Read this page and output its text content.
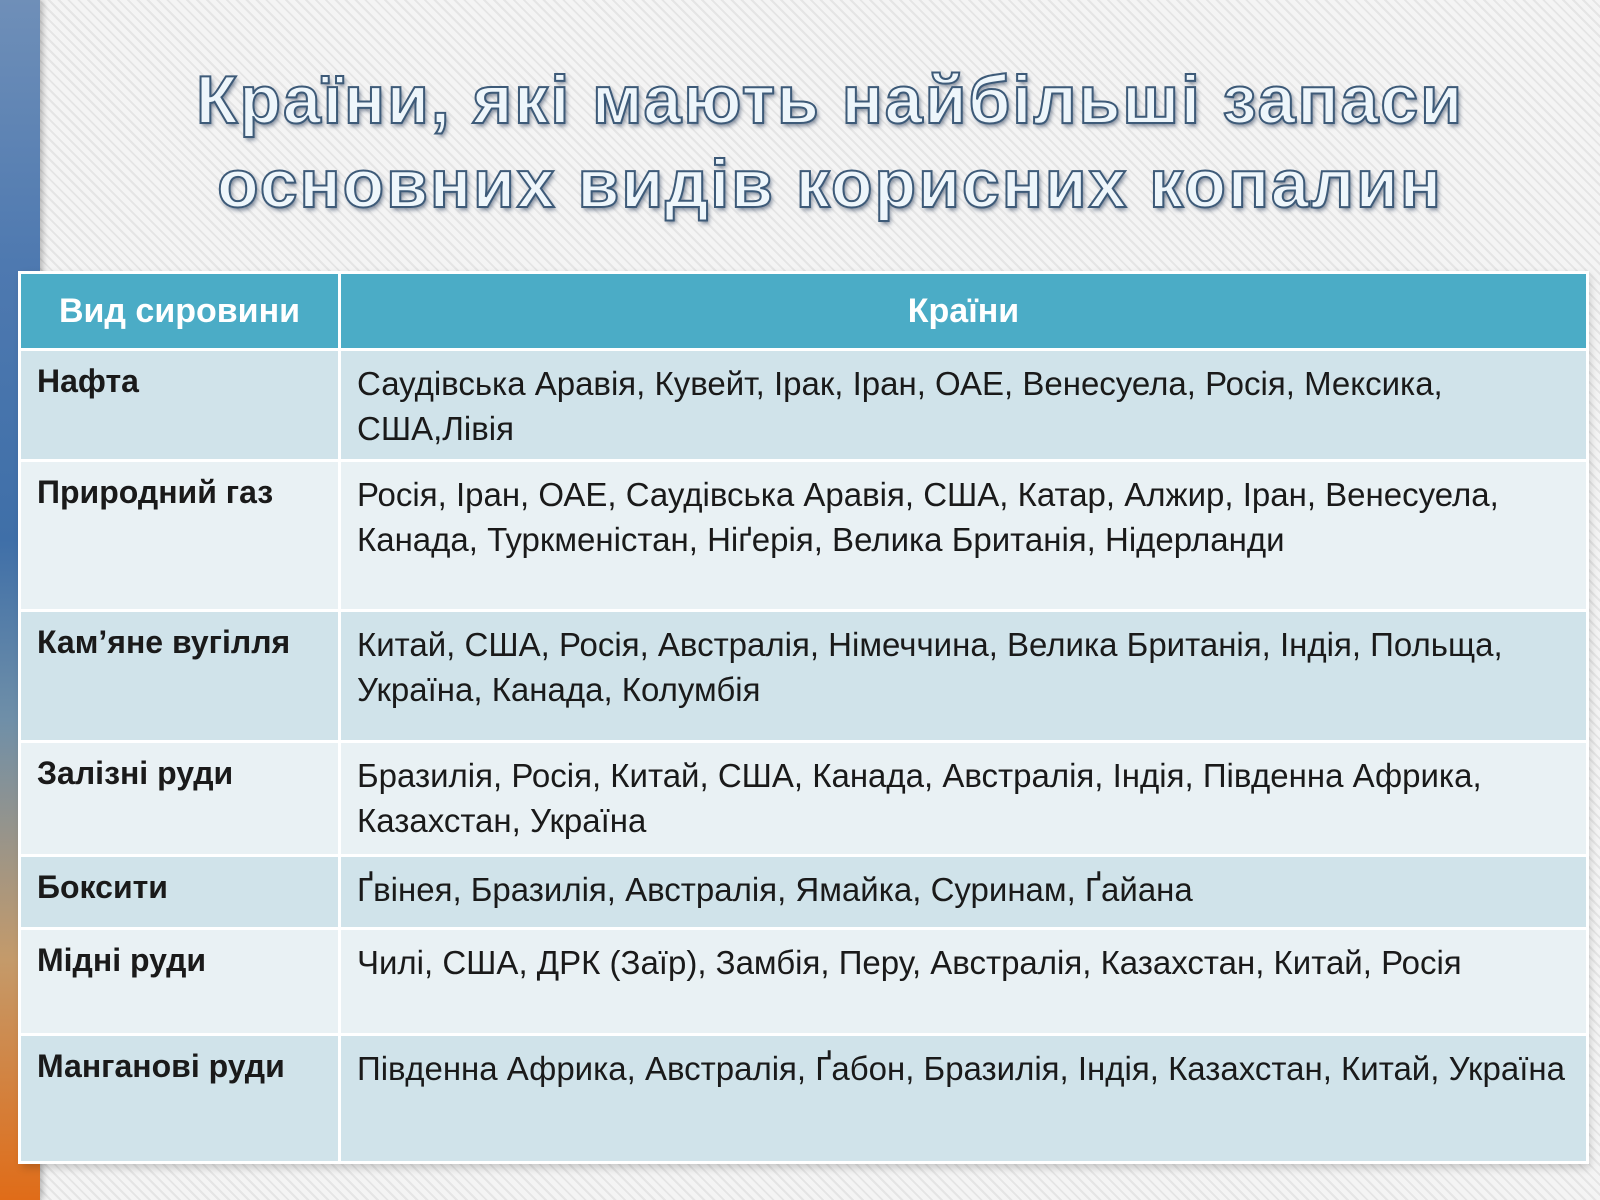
Країни, які мають найбільші запаси
основних видів корисних копалин
Вид сировини	Країни
Нафта	Саудівська Аравія, Кувейт, Ірак, Іран, ОАЕ, Венесуела, Росія, Мексика, США,Лівія
Природний газ	Росія, Іран, ОАЕ, Саудівська Аравія, США, Катар, Алжир, Іран, Венесуела, Канада, Туркменістан, Ніґерія, Велика Британія, Нідерланди
Кам’яне вугілля	Китай, США, Росія, Австралія, Німеччина, Велика Британія, Індія, Польща, Україна, Канада, Колумбія
Залізні руди	Бразилія, Росія, Китай, США, Канада, Австралія, Індія, Південна Африка, Казахстан, Україна
Боксити	Ґвінея, Бразилія, Австралія, Ямайка, Суринам, Ґайана
Мідні руди	Чилі, США, ДРК (Заїр), Замбія, Перу, Австралія, Казахстан, Китай, Росія
Манганові руди	Південна Африка, Австралія, Ґабон, Бразилія, Індія, Казахстан, Китай, Україна
